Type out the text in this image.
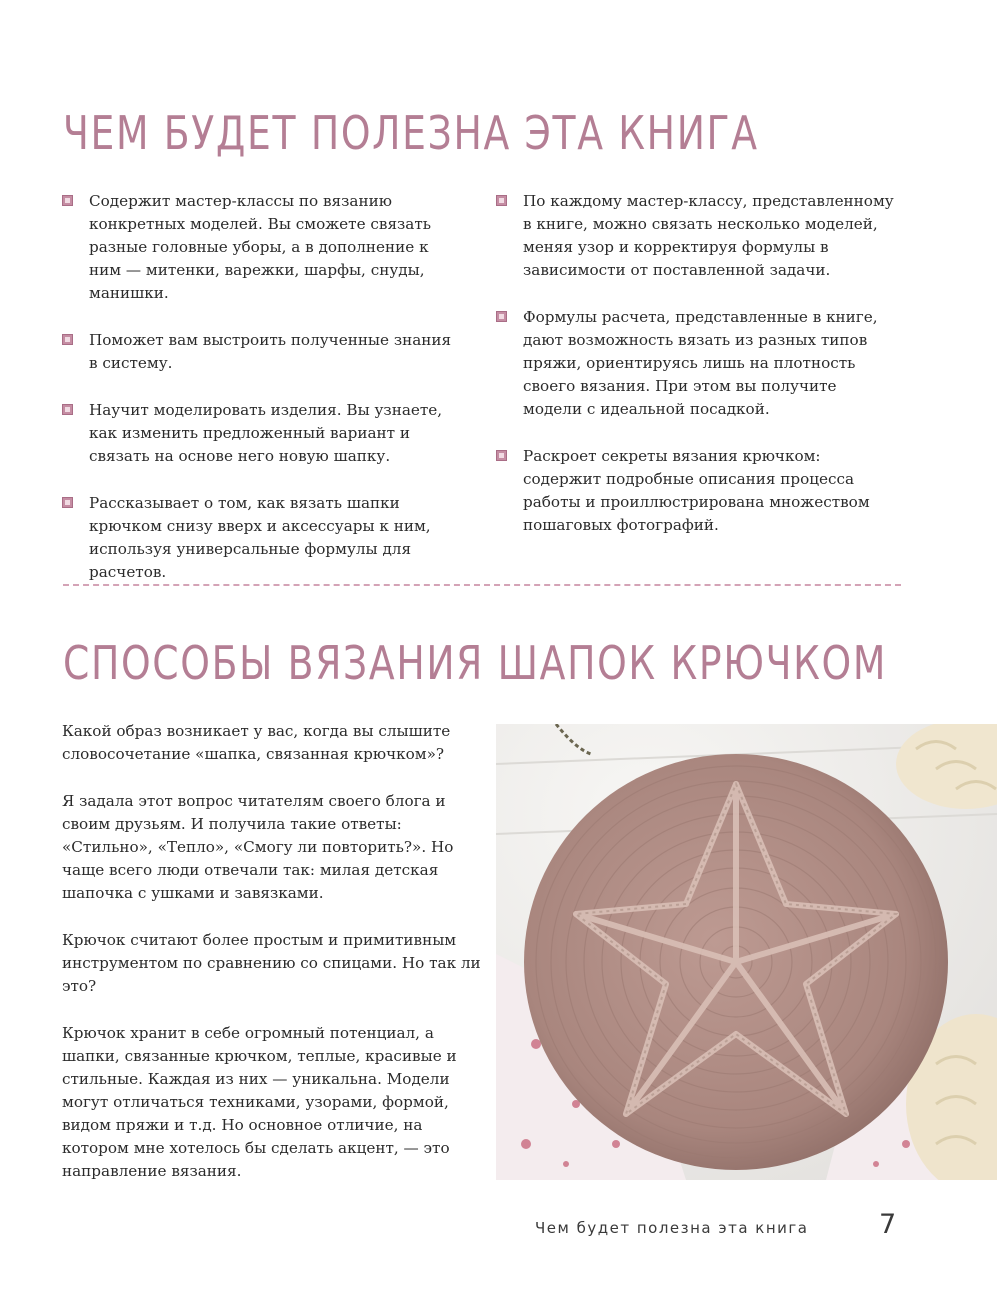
ЧЕМ БУДЕТ ПОЛЕЗНА ЭТА КНИГА

Содержит мастер-классы по вязанию конкретных моделей. Вы сможете связать разные головные уборы, а в дополнение к ним — митенки, варежки, шарфы, снуды, манишки.

Поможет вам выстроить полученные знания в систему.

Научит моделировать изделия. Вы узнаете, как изменить предложенный вариант и связать на основе него новую шапку.

Рассказывает о том, как вязать шапки крючком снизу вверх и аксессуары к ним, используя универсальные формулы для расчетов.

По каждому мастер-классу, представленному в книге, можно связать несколько моделей, меняя узор и корректируя формулы в зависимости от поставленной задачи.

Формулы расчета, представленные в книге, дают возможность вязать из разных типов пряжи, ориентируясь лишь на плотность своего вязания. При этом вы получите модели с идеальной посадкой.

Раскроет секреты вязания крючком: содержит подробные описания процесса работы и проиллюстрирована множеством пошаговых фотографий.

СПОСОБЫ ВЯЗАНИЯ ШАПОК КРЮЧКОМ

Какой образ возникает у вас, когда вы слышите словосочетание «шапка, связанная крючком»?

Я задала этот вопрос читателям своего блога и своим друзьям. И получила такие ответы: «Стильно», «Тепло», «Смогу ли повторить?». Но чаще всего люди отвечали так: милая детская шапочка с ушками и завязками.

Крючок считают более простым и примитивным инструментом по сравнению со спицами. Но так ли это?

Крючок хранит в себе огромный потенциал, а шапки, связанные крючком, теплые, красивые и стильные. Каждая из них — уникальна. Модели могут отличаться техниками, узорами, формой, видом пряжи и т.д. Но основное отличие, на котором мне хотелось бы сделать акцент, — это направление вязания.

Чем будет полезна эта книга	7
